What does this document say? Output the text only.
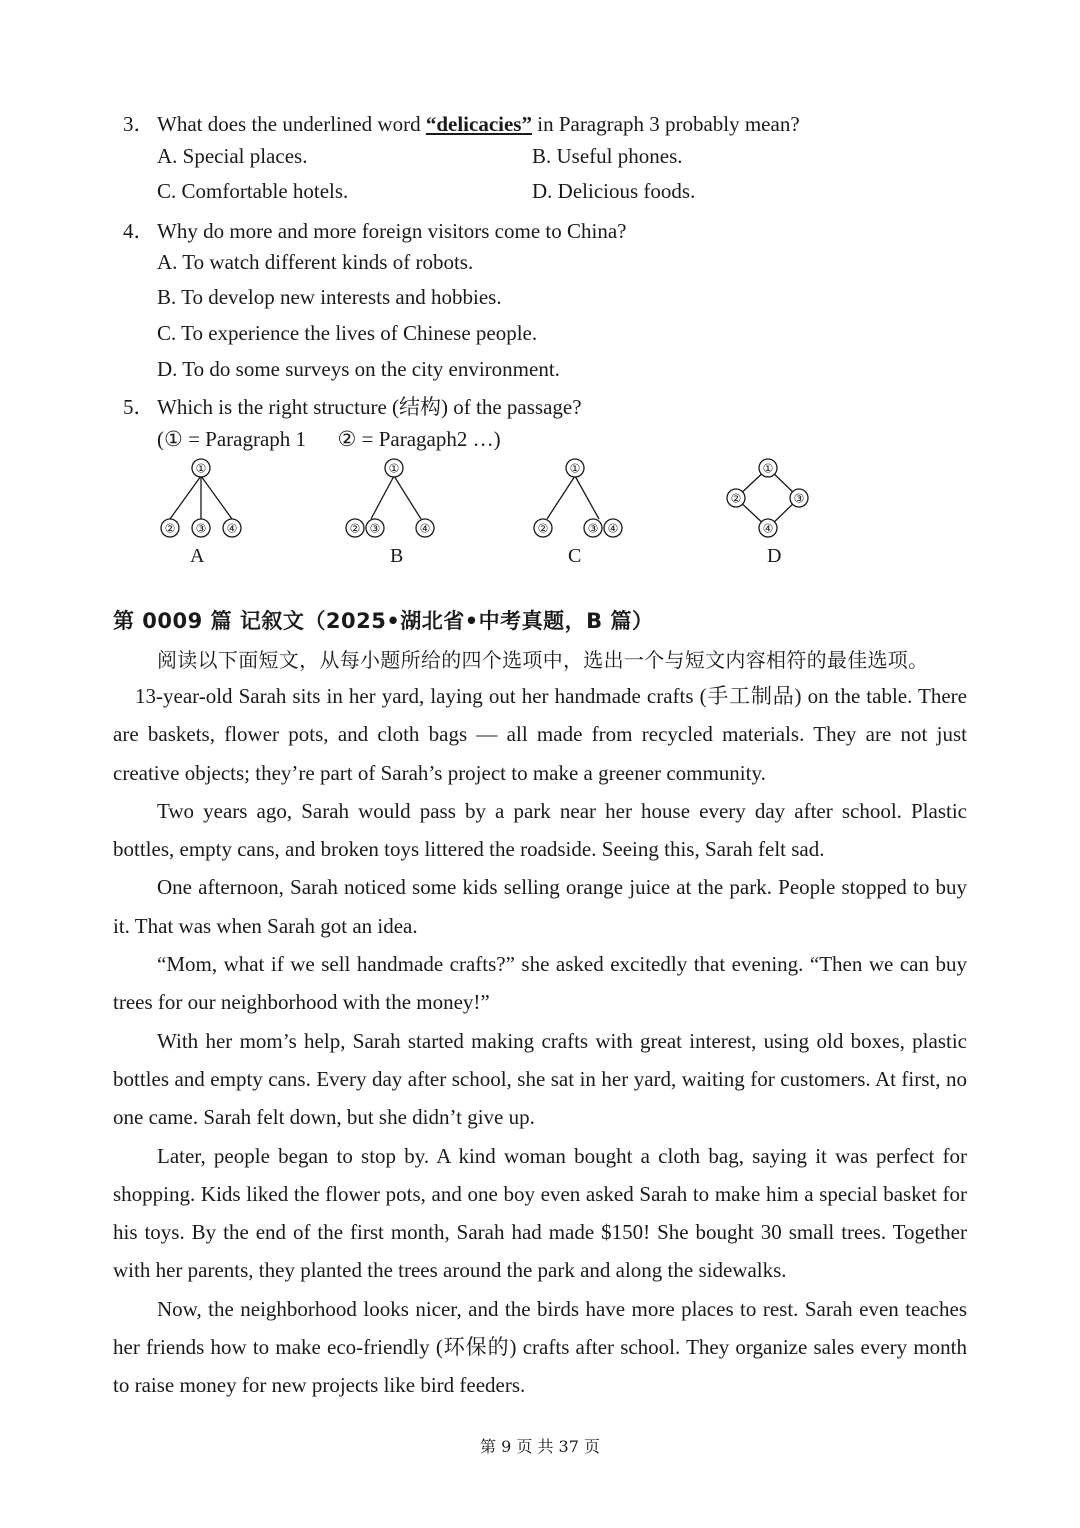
3． What does the underlined word “delicacies” in Paragraph 3 probably mean?
A. Special places.	B. Useful phones.
C. Comfortable hotels.	D. Delicious foods.
4． Why do more and more foreign visitors come to China?
A. To watch different kinds of robots.
B. To develop new interests and hobbies.
C. To experience the lives of Chinese people.
D. To do some surveys on the city environment.
5． Which is the right structure (结构) of the passage?
(① = Paragraph 1      ② = Paragaph2 …)
①
② ③ ④
A
①
② ③	④
B
①
②	③ ④
C
①
②	③
④
D
第 0009 篇 记叙文（2025•湖北省•中考真题，B 篇）
阅读以下面短文，从每小题所给的四个选项中，选出一个与短文内容相符的最佳选项。

13-year-old Sarah sits in her yard, laying out her handmade crafts (手工制品) on the table. There are baskets, flower pots, and cloth bags — all made from recycled materials. They are not just creative objects; they’re part of Sarah’s project to make a greener community.

Two years ago, Sarah would pass by a park near her house every day after school. Plastic bottles, empty cans, and broken toys littered the roadside. Seeing this, Sarah felt sad.

One afternoon, Sarah noticed some kids selling orange juice at the park. People stopped to buy it. That was when Sarah got an idea.

“Mom, what if we sell handmade crafts?” she asked excitedly that evening. “Then we can buy trees for our neighborhood with the money!”

With her mom’s help, Sarah started making crafts with great interest, using old boxes, plastic bottles and empty cans. Every day after school, she sat in her yard, waiting for customers. At first, no one came. Sarah felt down, but she didn’t give up.

Later, people began to stop by. A kind woman bought a cloth bag, saying it was perfect for shopping. Kids liked the flower pots, and one boy even asked Sarah to make him a special basket for his toys. By the end of the first month, Sarah had made $150! She bought 30 small trees. Together with her parents, they planted the trees around the park and along the sidewalks.

Now, the neighborhood looks nicer, and the birds have more places to rest. Sarah even teaches her friends how to make eco-friendly (环保的) crafts after school. They organize sales every month to raise money for new projects like bird feeders.

第 9 页 共 37 页
